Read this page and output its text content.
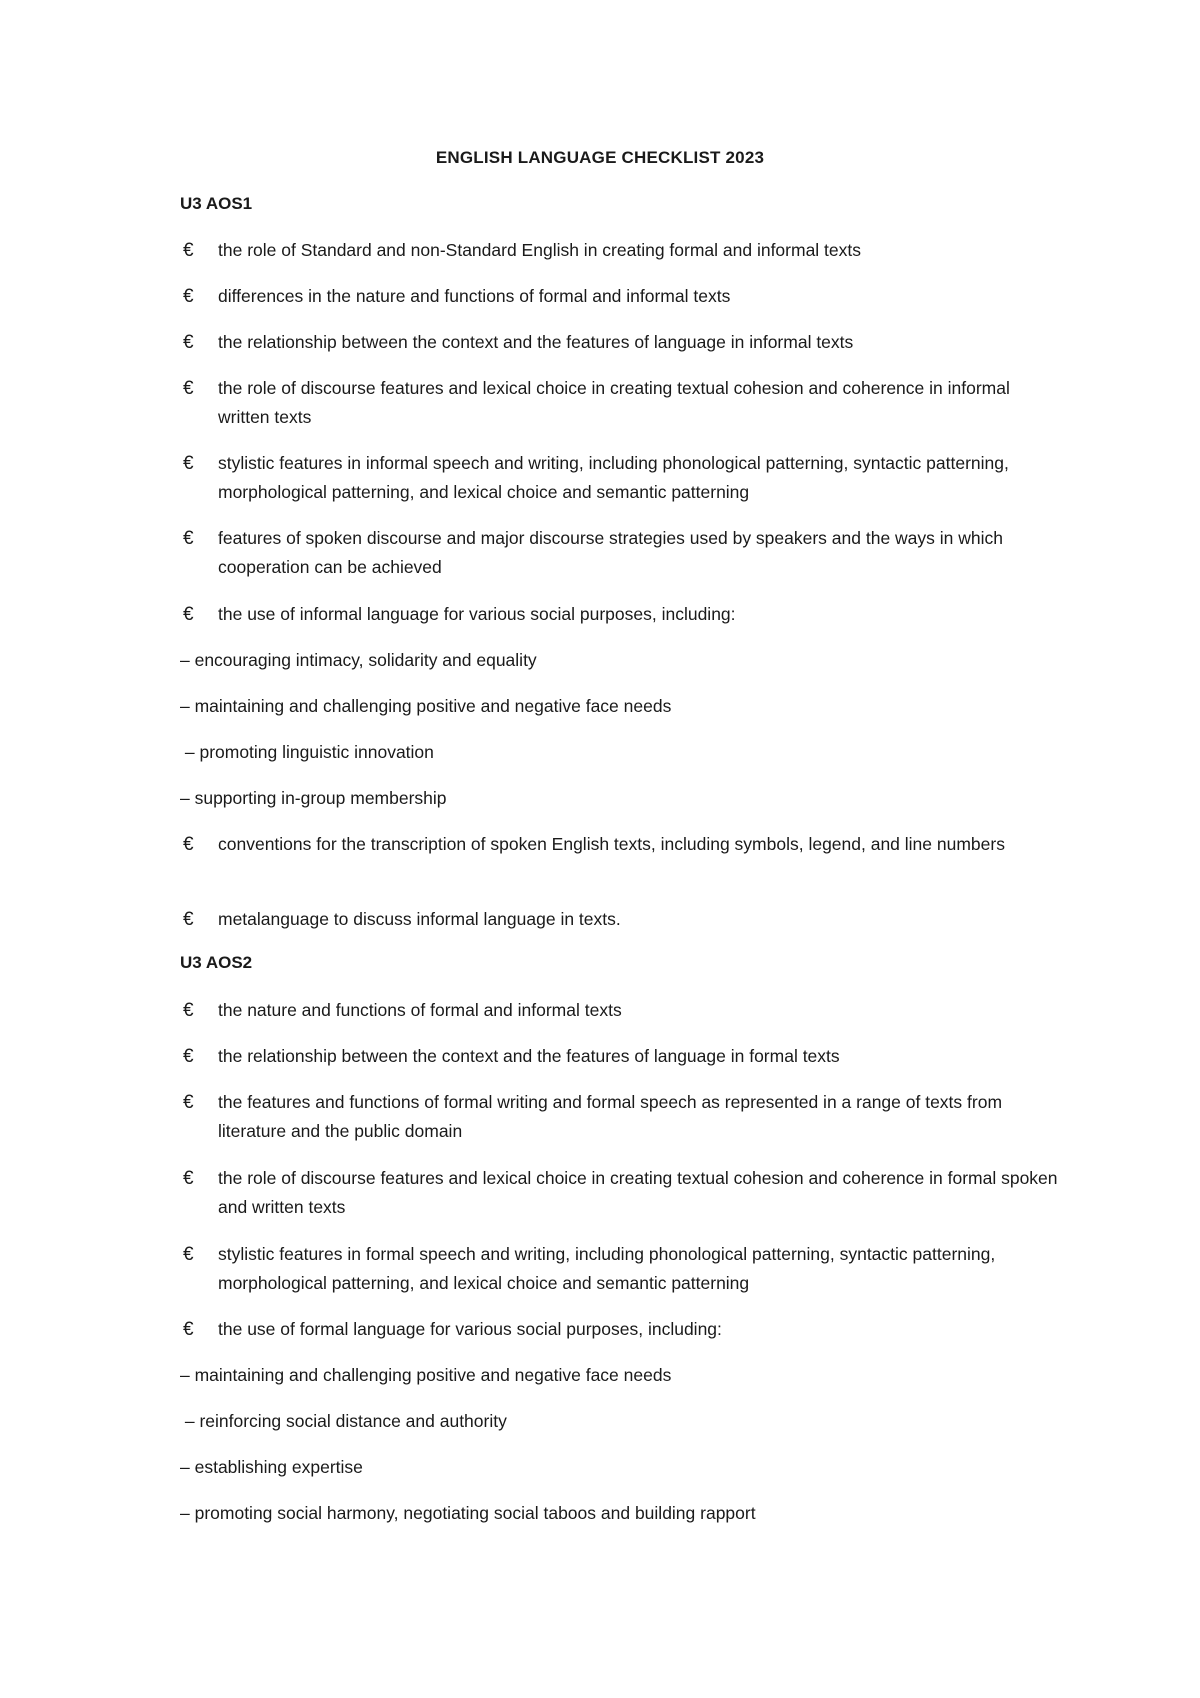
ENGLISH LANGUAGE CHECKLIST 2023
U3 AOS1
€ the role of Standard and non-Standard English in creating formal and informal texts
€ differences in the nature and functions of formal and informal texts
€ the relationship between the context and the features of language in informal texts
€ the role of discourse features and lexical choice in creating textual cohesion and coherence in informal written texts
€ stylistic features in informal speech and writing, including phonological patterning, syntactic patterning, morphological patterning, and lexical choice and semantic patterning
€ features of spoken discourse and major discourse strategies used by speakers and the ways in which cooperation can be achieved
€ the use of informal language for various social purposes, including:
– encouraging intimacy, solidarity and equality
– maintaining and challenging positive and negative face needs
– promoting linguistic innovation
– supporting in-group membership
€ conventions for the transcription of spoken English texts, including symbols, legend, and line numbers
€ metalanguage to discuss informal language in texts.
U3 AOS2
€ the nature and functions of formal and informal texts
€ the relationship between the context and the features of language in formal texts
€ the features and functions of formal writing and formal speech as represented in a range of texts from literature and the public domain
€ the role of discourse features and lexical choice in creating textual cohesion and coherence in formal spoken and written texts
€ stylistic features in formal speech and writing, including phonological patterning, syntactic patterning, morphological patterning, and lexical choice and semantic patterning
€ the use of formal language for various social purposes, including:
– maintaining and challenging positive and negative face needs
– reinforcing social distance and authority
– establishing expertise
– promoting social harmony, negotiating social taboos and building rapport
